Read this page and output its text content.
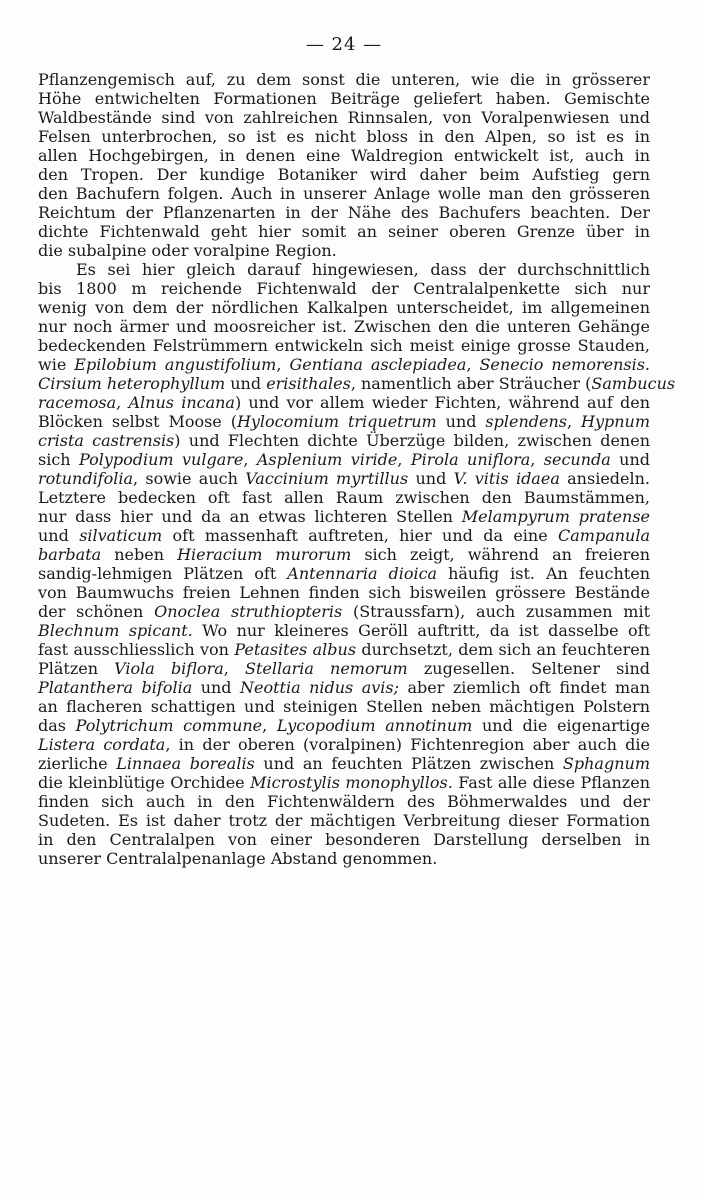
— 24 —
Pflanzengemisch auf, zu dem sonst die unteren, wie die in grösserer
Höhe entwichelten Formationen Beiträge geliefert haben. Gemischte
Waldbestände sind von zahlreichen Rinnsalen, von Voralpenwiesen und
Felsen unterbrochen, so ist es nicht bloss in den Alpen, so ist es in
allen Hochgebirgen, in denen eine Waldregion entwickelt ist, auch in
den Tropen. Der kundige Botaniker wird daher beim Aufstieg gern
den Bachufern folgen. Auch in unserer Anlage wolle man den grösseren
Reichtum der Pflanzenarten in der Nähe des Bachufers beachten. Der
dichte Fichtenwald geht hier somit an seiner oberen Grenze über in
die subalpine oder voralpine Region.
Es sei hier gleich darauf hingewiesen, dass der durchschnittlich
bis 1800 m reichende Fichtenwald der Centralalpenkette sich nur
wenig von dem der nördlichen Kalkalpen unterscheidet, im allgemeinen
nur noch ärmer und moosreicher ist. Zwischen den die unteren Gehänge
bedeckenden Felstrümmern entwickeln sich meist einige grosse Stauden,
wie Epilobium angustifolium, Gentiana asclepiadea, Senecio nemorensis.
Cirsium heterophyllum und erisithales, namentlich aber Sträucher (Sambucus
racemosa, Alnus incana) und vor allem wieder Fichten, während auf den
Blöcken selbst Moose (Hylocomium triquetrum und splendens, Hypnum
crista castrensis) und Flechten dichte Überzüge bilden, zwischen denen
sich Polypodium vulgare, Asplenium viride, Pirola uniflora, secunda und
rotundifolia, sowie auch Vaccinium myrtillus und V. vitis idaea ansiedeln.
Letztere bedecken oft fast allen Raum zwischen den Baumstämmen,
nur dass hier und da an etwas lichteren Stellen Melampyrum pratense
und silvaticum oft massenhaft auftreten, hier und da eine Campanula
barbata neben Hieracium murorum sich zeigt, während an freieren
sandig-lehmigen Plätzen oft Antennaria dioica häufig ist. An feuchten
von Baumwuchs freien Lehnen finden sich bisweilen grössere Bestände
der schönen Onoclea struthiopteris (Straussfarn), auch zusammen mit
Blechnum spicant. Wo nur kleineres Geröll auftritt, da ist dasselbe oft
fast ausschliesslich von Petasites albus durchsetzt, dem sich an feuchteren
Plätzen Viola biflora, Stellaria nemorum zugesellen. Seltener sind
Platanthera bifolia und Neottia nidus avis; aber ziemlich oft findet man
an flacheren schattigen und steinigen Stellen neben mächtigen Polstern
das Polytrichum commune, Lycopodium annotinum und die eigenartige
Listera cordata, in der oberen (voralpinen) Fichtenregion aber auch die
zierliche Linnaea borealis und an feuchten Plätzen zwischen Sphagnum
die kleinblütige Orchidee Microstylis monophyllos. Fast alle diese Pflanzen
finden sich auch in den Fichtenwäldern des Böhmerwaldes und der
Sudeten. Es ist daher trotz der mächtigen Verbreitung dieser Formation
in den Centralalpen von einer besonderen Darstellung derselben in
unserer Centralalpenanlage Abstand genommen.
